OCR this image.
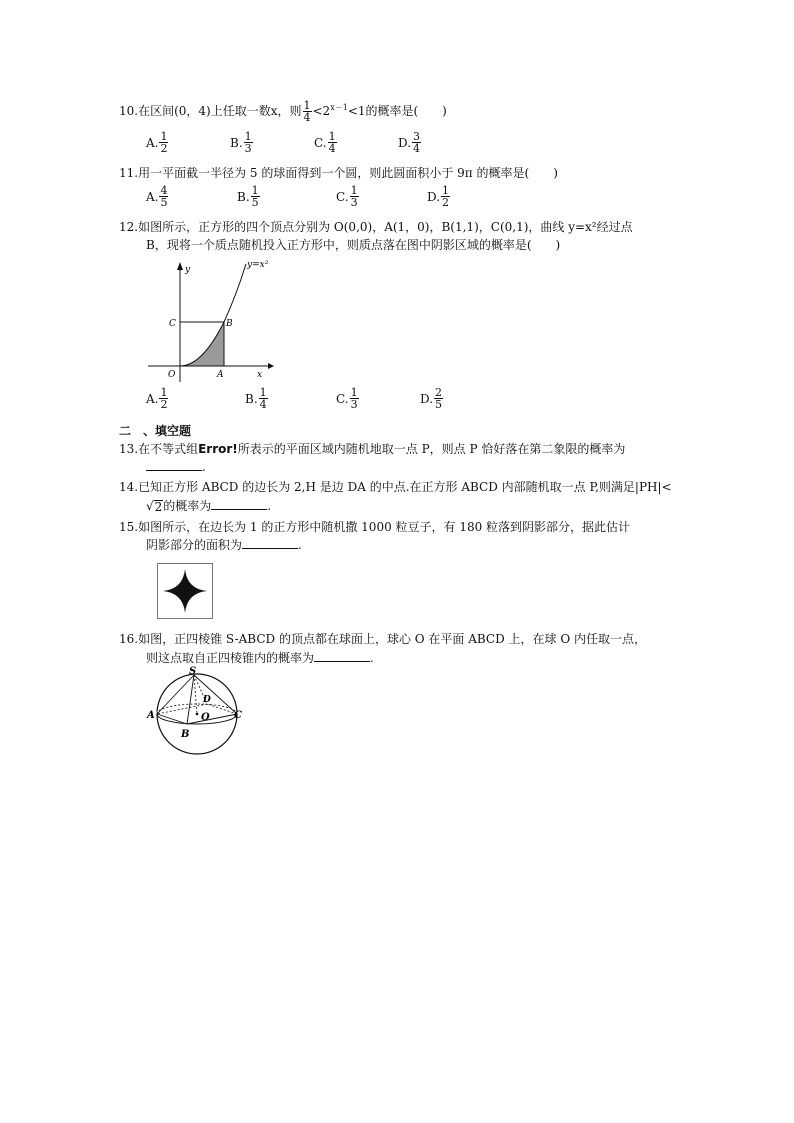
10.在区间(0，4)上任取一数x，则 $\frac{1}{4} <2^{x-1}<1$的概率是(　　)
A. $\frac{1}{2}$	B. $\frac{1}{3}$	C. $\frac{1}{4}$	D. $\frac{3}{4}$
11.用一平面截一半径为 5 的球面得到一个圆，则此圆面积小于 9π 的概率是(　　)
A. $\frac{4}{5}$	B. $\frac{1}{5}$	C. $\frac{1}{3}$	D. $\frac{1}{2}$
12.如图所示，正方形的四个顶点分别为 O(0,0)，A(1，0)，B(1,1)，C(0,1)，曲线 y=x²经过点
B，现将一个质点随机投入正方形中，则质点落在图中阴影区域的概率是(　　)
y=x²
y
x
C	B
O	A
A. $\frac{1}{2}$	B. $\frac{1}{4}$	C. $\frac{1}{3}$	D. $\frac{2}{5}$
二　、填空题
13.在不等式组Error!所表示的平面区域内随机地取一点 P，则点 P 恰好落在第二象限的概率为
.
14.已知正方形 ABCD 的边长为 2,H 是边 DA 的中点.在正方形 ABCD 内部随机取一点 P,则满足|PH|<
√ 2 的概率为	.
15.如图所示，在边长为 1 的正方形中随机撒 1000 粒豆子，有 180 粒落到阴影部分，据此估计
阴影部分的面积为	.
16.如图，正四棱锥 S-ABCD 的顶点都在球面上，球心 O 在平面 ABCD 上，在球 O 内任取一点，
则这点取自正四棱锥内的概率为	.
S
D
A	O C
B
